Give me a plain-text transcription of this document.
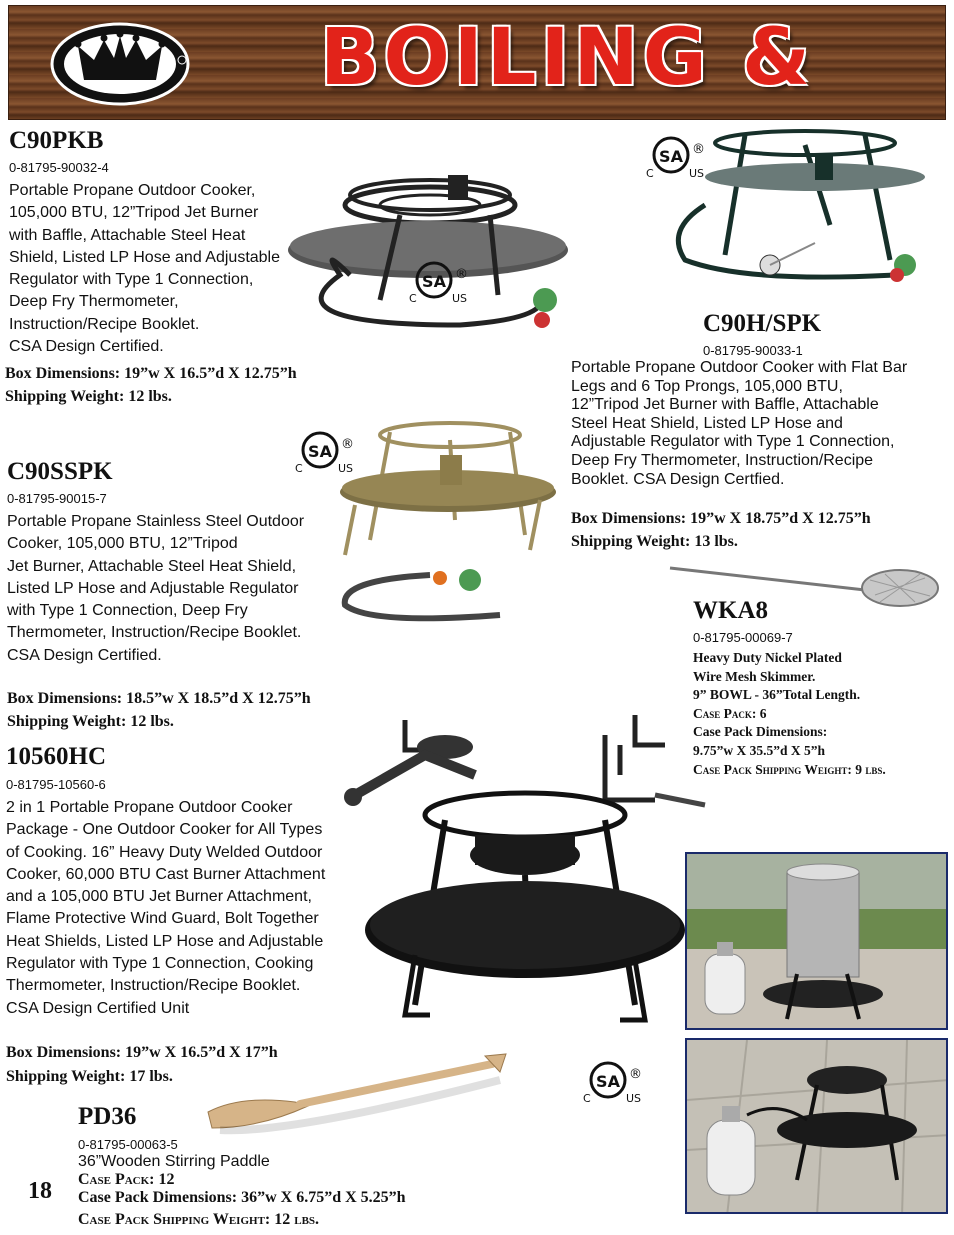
BOILING &
C90PKB
0-81795-90032-4
Portable Propane Outdoor Cooker,
105,000 BTU, 12”Tripod Jet Burner
with Baffle, Attachable Steel Heat
Shield, Listed LP Hose and Adjustable
Regulator with Type 1 Connection,
Deep Fry Thermometer,
Instruction/Recipe Booklet.
CSA Design Certified.
Box Dimensions: 19”w X 16.5”d X 12.75”h
Shipping Weight: 12 lbs.
SA ®
C	US
SA ®
C	US
SA ®
C	US
SA ®
C	US
C90H/SPK
0-81795-90033-1
Portable Propane Outdoor Cooker with Flat Bar
Legs and 6 Top Prongs, 105,000 BTU,
12”Tripod Jet Burner with Baffle, Attachable
Steel Heat Shield, Listed LP Hose and
Adjustable Regulator with Type 1 Connection,
Deep Fry Thermometer, Instruction/Recipe
Booklet. CSA Design Certfied.
Box Dimensions: 19”w X 18.75”d X 12.75”h
Shipping Weight: 13 lbs.
C90SSPK
0-81795-90015-7
Portable Propane Stainless Steel Outdoor
Cooker, 105,000 BTU, 12”Tripod
Jet Burner, Attachable Steel Heat Shield,
Listed LP Hose and Adjustable Regulator
with Type 1 Connection, Deep Fry
Thermometer, Instruction/Recipe Booklet.
CSA Design Certified.
Box Dimensions: 18.5”w X 18.5”d X 12.75”h
Shipping Weight: 12 lbs.
WKA8
0-81795-00069-7
Heavy Duty Nickel Plated
Wire Mesh Skimmer.
9” BOWL - 36”Total Length.
Case Pack: 6
Case Pack Dimensions:
9.75”w X 35.5”d X 5”h
Case Pack Shipping Weight: 9 lbs.
10560HC
0-81795-10560-6
2 in 1 Portable Propane Outdoor Cooker
Package - One Outdoor Cooker for All Types
of Cooking. 16” Heavy Duty Welded Outdoor
Cooker, 60,000 BTU Cast Burner Attachment
and a 105,000 BTU Jet Burner Attachment,
Flame Protective Wind Guard, Bolt Together
Heat Shields, Listed LP Hose and Adjustable
Regulator with Type 1 Connection, Cooking
Thermometer, Instruction/Recipe Booklet.
CSA Design Certified Unit
Box Dimensions: 19”w X 16.5”d X 17”h
Shipping Weight: 17 lbs.
PD36
0-81795-00063-5
36”Wooden Stirring Paddle
Case Pack: 12
Case Pack Dimensions: 36”w X 6.75”d X 5.25”h
Case Pack Shipping Weight: 12 lbs.
18
